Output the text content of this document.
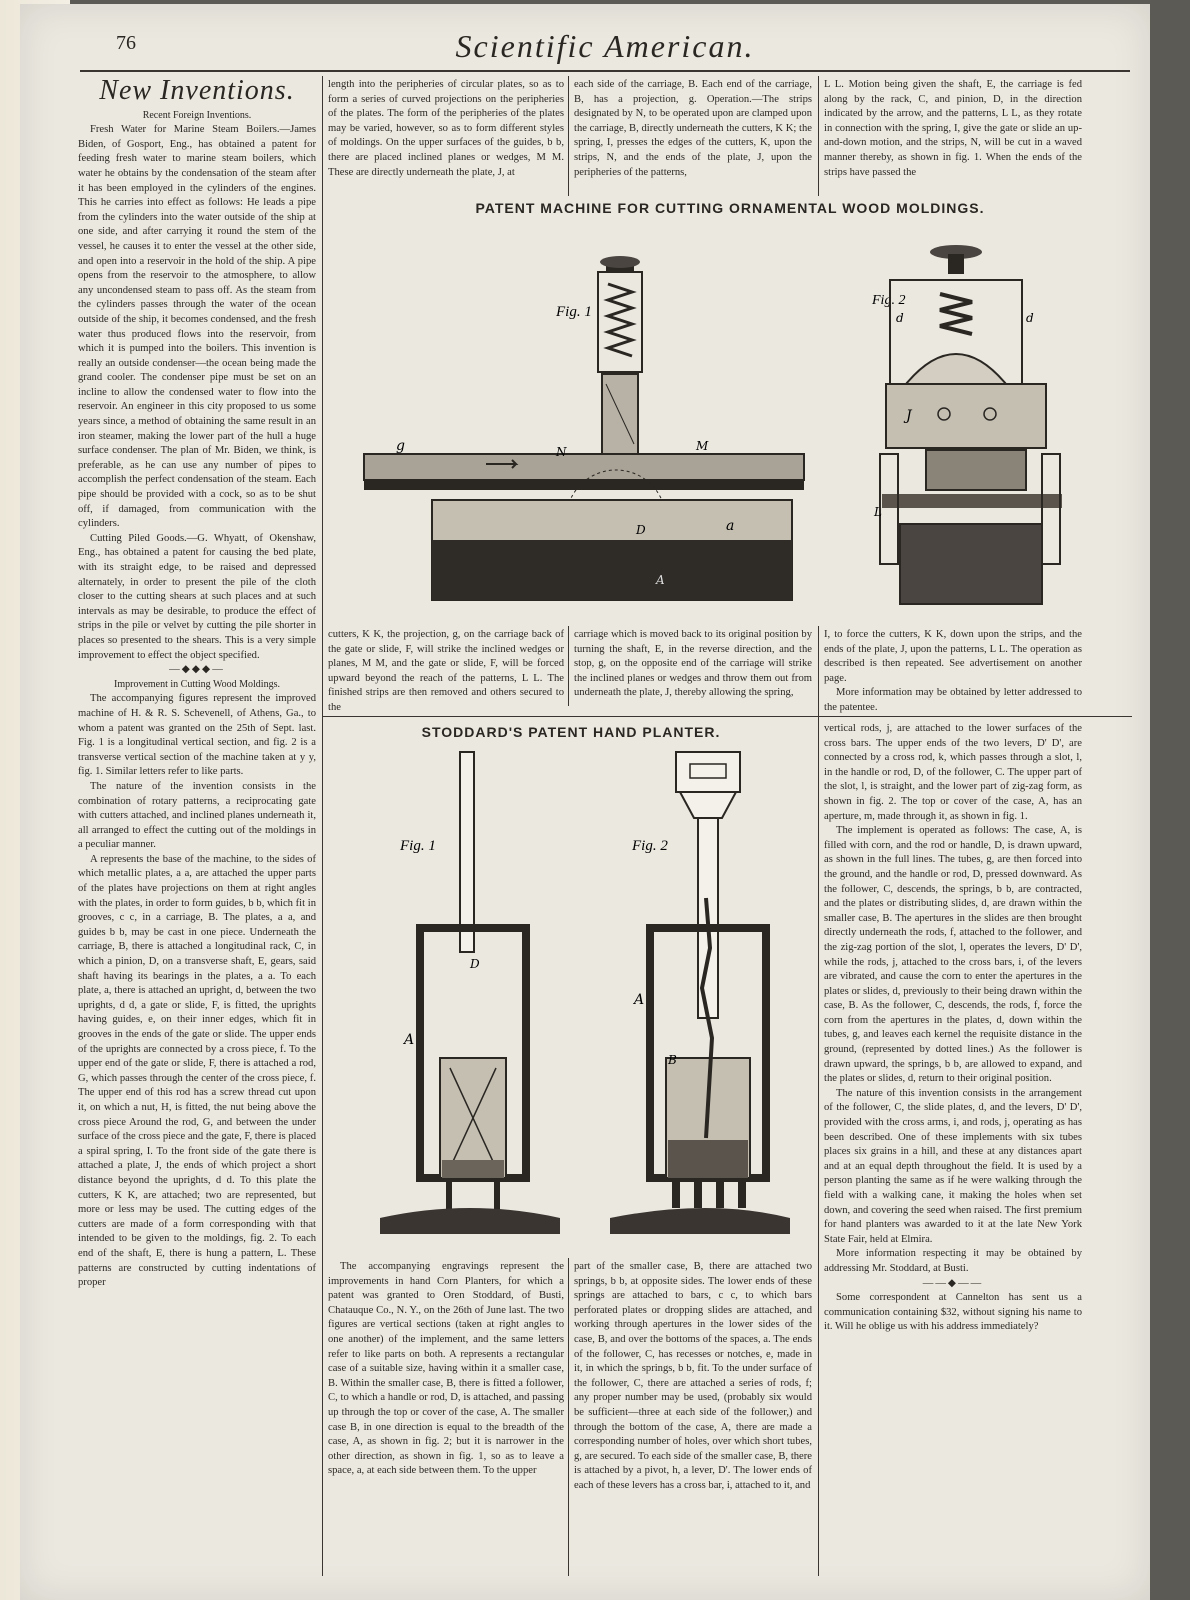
76	Scientific American.
New Inventions.

Recent Foreign Inventions.

Fresh Water for Marine Steam Boilers.—James Biden, of Gosport, Eng., has obtained a patent for feeding fresh water to marine steam boilers, which water he obtains by the condensation of the steam after it has been employed in the cylinders of the engines. This he carries into effect as follows: He leads a pipe from the cylinders into the water outside of the ship at one side, and after carrying it round the stem of the vessel, he causes it to enter the vessel at the other side, and open into a reservoir in the hold of the ship. A pipe opens from the reservoir to the atmosphere, to allow any uncondensed steam to pass off. As the steam from the cylinders passes through the water of the ocean outside of the ship, it becomes condensed, and the fresh water thus produced flows into the reservoir, from which it is pumped into the boilers. This invention is really an outside condenser—the ocean being made the grand cooler. The condenser pipe must be set on an incline to allow the condensed water to flow into the reservoir. An engineer in this city proposed to us some years since, a method of obtaining the same result in an iron steamer, making the lower part of the hull a huge surface condenser. The plan of Mr. Biden, we think, is preferable, as he can use any number of pipes to accomplish the perfect condensation of the steam. Each pipe should be provided with a cock, so as to be shut off, if damaged, from communication with the cylinders.

Cutting Piled Goods.—G. Whyatt, of Okenshaw, Eng., has obtained a patent for causing the bed plate, with its straight edge, to be raised and depressed alternately, in order to present the pile of the cloth closer to the cutting shears at such places and at such intervals as may be desirable, to produce the effect of strips in the pile or velvet by cutting the pile shorter in places so presented to the shears. This is a very simple improvement to effect the object specified.

—◆◆◆—

Improvement in Cutting Wood Moldings.

The accompanying figures represent the improved machine of H. & R. S. Schevenell, of Athens, Ga., to whom a patent was granted on the 25th of Sept. last. Fig. 1 is a longitudinal vertical section, and fig. 2 is a transverse vertical section of the machine taken at y y, fig. 1. Similar letters refer to like parts.

The nature of the invention consists in the combination of rotary patterns, a reciprocating gate with cutters attached, and inclined planes underneath it, all arranged to effect the cutting out of the moldings in a peculiar manner.

A represents the base of the machine, to the sides of which metallic plates, a a, are attached the upper parts of the plates have projections on them at right angles with the plates, in order to form guides, b b, which fit in grooves, c c, in a carriage, B. The plates, a a, and guides b b, may be cast in one piece. Underneath the carriage, B, there is attached a longitudinal rack, C, in which a pinion, D, on a transverse shaft, E, gears, said shaft having its bearings in the plates, a a. To each plate, a, there is attached an upright, d, between the two uprights, d d, a gate or slide, F, is fitted, the uprights having guides, e, on their inner edges, which fit in grooves in the ends of the gate or slide. The upper ends of the uprights are connected by a cross piece, f. To the upper end of the gate or slide, F, there is attached a rod, G, which passes through the center of the cross piece, f. The upper end of this rod has a screw thread cut upon it, on which a nut, H, is fitted, the nut being above the cross piece Around the rod, G, and between the under surface of the cross piece and the gate, F, there is placed a spiral spring, I. To the front side of the gate there is attached a plate, J, the ends of which project a short distance beyond the uprights, d d. To this plate the cutters, K K, are attached; two are represented, but more or less may be used. The cutting edges of the cutters are made of a form corresponding with that intended to be given to the moldings, fig. 2. To each end of the shaft, E, there is hung a pattern, L. These patterns are constructed by cutting indentations of proper

length into the peripheries of circular plates, so as to form a series of curved projections on the peripheries of the plates. The form of the peripheries of the plates may be varied, however, so as to form different styles of moldings. On the upper surfaces of the guides, b b, there are placed inclined planes or wedges, M M. These are directly underneath the plate, J, at

each side of the carriage, B. Each end of the carriage, B, has a projection, g. Operation.—The strips designated by N, to be operated upon are clamped upon the carriage, B, directly underneath the cutters, K K; the spring, I, presses the edges of the cutters, K, upon the strips, N, and the ends of the plate, J, upon the peripheries of the patterns,

L L. Motion being given the shaft, E, the carriage is fed along by the rack, C, and pinion, D, in the direction indicated by the arrow, and the patterns, L L, as they rotate in connection with the spring, I, give the gate or slide an up-and-down motion, and the strips, N, will be cut in a waved manner thereby, as shown in fig. 1. When the ends of the strips have passed the

PATENT MACHINE FOR CUTTING ORNAMENTAL WOOD MOLDINGS.
Fig. 1
g	N	M
D	a
A
Fig. 2
d	d
J
L

cutters, K K, the projection, g, on the carriage back of the gate or slide, F, will strike the inclined wedges or planes, M M, and the gate or slide, F, will be forced upward beyond the reach of the patterns, L L. The finished strips are then removed and others secured to the

carriage which is moved back to its original position by turning the shaft, E, in the reverse direction, and the stop, g, on the opposite end of the carriage will strike the inclined planes or wedges and throw them out from underneath the plate, J, thereby allowing the spring,

I, to force the cutters, K K, down upon the strips, and the ends of the plate, J, upon the patterns, L L. The operation as described is then repeated. See advertisement on another page.

More information may be obtained by letter addressed to the patentee.

STODDARD'S PATENT HAND PLANTER.
Fig. 1
A
D
Fig. 2
A
B

The accompanying engravings represent the improvements in hand Corn Planters, for which a patent was granted to Oren Stoddard, of Busti, Chatauque Co., N. Y., on the 26th of June last. The two figures are vertical sections (taken at right angles to one another) of the implement, and the same letters refer to like parts on both. A represents a rectangular case of a suitable size, having within it a smaller case, B. Within the smaller case, B, there is fitted a follower, C, to which a handle or rod, D, is attached, and passing up through the top or cover of the case, A. The smaller case B, in one direction is equal to the breadth of the case, A, as shown in fig. 2; but it is narrower in the other direction, as shown in fig. 1, so as to leave a space, a, at each side between them. To the upper

part of the smaller case, B, there are attached two springs, b b, at opposite sides. The lower ends of these springs are attached to bars, c c, to which bars perforated plates or dropping slides are attached, and working through apertures in the lower sides of the case, B, and over the bottoms of the spaces, a. The ends of the follower, C, has recesses or notches, e, made in it, in which the springs, b b, fit. To the under surface of the follower, C, there are attached a series of rods, f; any proper number may be used, (probably six would be sufficient—three at each side of the follower,) and through the bottom of the case, A, there are made a corresponding number of holes, over which short tubes, g, are secured. To each side of the smaller case, B, there is attached by a pivot, h, a lever, D'. The lower ends of each of these levers has a cross bar, i, attached to it, and

vertical rods, j, are attached to the lower surfaces of the cross bars. The upper ends of the two levers, D' D', are connected by a cross rod, k, which passes through a slot, l, in the handle or rod, D, of the follower, C. The upper part of the slot, l, is straight, and the lower part of zig-zag form, as shown in fig. 2. The top or cover of the case, A, has an aperture, m, made through it, as shown in fig. 1.

The implement is operated as follows: The case, A, is filled with corn, and the rod or handle, D, is drawn upward, as shown in the full lines. The tubes, g, are then forced into the ground, and the handle or rod, D, pressed downward. As the follower, C, descends, the springs, b b, are contracted, and the plates or distributing slides, d, are drawn within the smaller case, B. The apertures in the slides are then brought directly underneath the rods, f, attached to the follower, and the zig-zag portion of the slot, l, operates the levers, D' D', while the rods, j, attached to the cross bars, i, of the levers are vibrated, and cause the corn to enter the apertures in the plates or slides, d, previously to their being drawn within the case, B. As the follower, C, descends, the rods, f, force the corn from the apertures in the plates, d, down within the tubes, g, and leaves each kernel the requisite distance in the ground, (represented by dotted lines.) As the follower is drawn upward, the springs, b b, are allowed to expand, and the plates or slides, d, return to their original position.

The nature of this invention consists in the arrangement of the follower, C, the slide plates, d, and the levers, D' D', provided with the cross arms, i, and rods, j, operating as has been described. One of these implements with six tubes places six grains in a hill, and these at any distances apart and at an equal depth throughout the field. It is used by a person planting the same as if he were walking through the field with a walking cane, it making the holes when set down, and covering the seed when raised. The first premium for hand planters was awarded to it at the late New York State Fair, held at Elmira.

More information respecting it may be obtained by addressing Mr. Stoddard, at Busti.

——◆——

Some correspondent at Cannelton has sent us a communication containing $32, without signing his name to it. Will he oblige us with his address immediately?
